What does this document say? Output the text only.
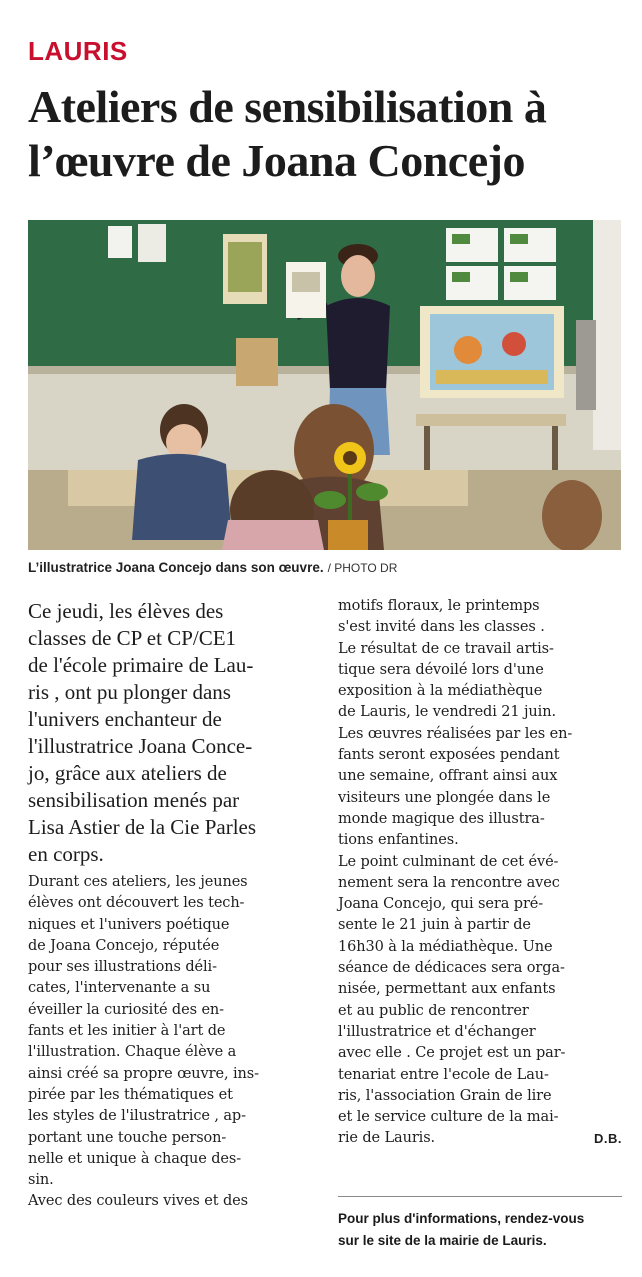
LAURIS
Ateliers de sensibilisation à
l’œuvre de Joana Concejo
L’illustratrice Joana Concejo dans son œuvre. / PHOTO DR
Ce jeudi, les élèves des
classes de CP et CP/CE1
de l'école primaire de Lau-
ris , ont pu plonger dans
l'univers enchanteur de
l'illustratrice Joana Conce-
jo, grâce aux ateliers de
sensibilisation menés par
Lisa Astier de la Cie Parles
en corps.
Durant ces ateliers, les jeunes
élèves ont découvert les tech-
niques et l'univers poétique
de Joana Concejo, réputée
pour ses illustrations déli-
cates, l'intervenante a su
éveiller la curiosité des en-
fants et les initier à l'art de
l'illustration. Chaque élève a
ainsi créé sa propre œuvre, ins-
pirée par les thématiques et
les styles de l'ilustratrice , ap-
portant une touche person-
nelle et unique à chaque des-
sin.
Avec des couleurs vives et des
motifs floraux, le printemps
s'est invité dans les classes .
Le résultat de ce travail artis-
tique sera dévoilé lors d'une
exposition à la médiathèque
de Lauris, le vendredi 21 juin.
Les œuvres réalisées par les en-
fants seront exposées pendant
une semaine, offrant ainsi aux
visiteurs une plongée dans le
monde magique des illustra-
tions enfantines.
Le point culminant de cet évé-
nement sera la rencontre avec
Joana Concejo, qui sera pré-
sente le 21 juin à partir de
16h30 à la médiathèque. Une
séance de dédicaces sera orga-
nisée, permettant aux enfants
et au public de rencontrer
l'illustratrice et d'échanger
avec elle . Ce projet est un par-
tenariat entre l'ecole de Lau-
ris, l'association Grain de lire
et le service culture de la mai-
rie de Lauris.	D.B.
Pour plus d'informations, rendez-vous
sur le site de la mairie de Lauris.
